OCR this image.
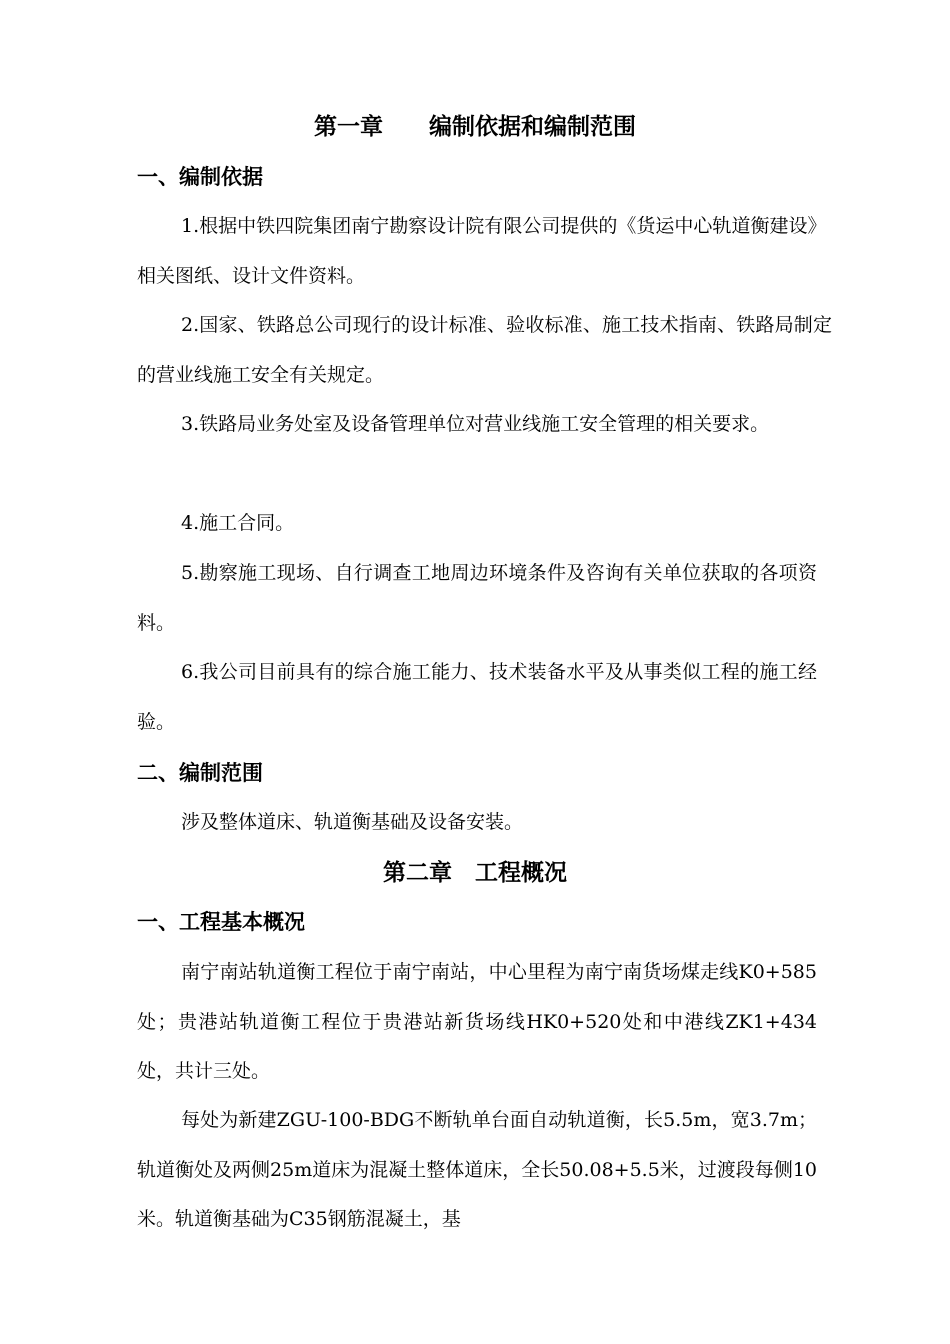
第一章　　编制依据和编制范围
一、编制依据

1.根据中铁四院集团南宁勘察设计院有限公司提供的《货运中心轨道衡建设》相关图纸、设计文件资料。

2.国家、铁路总公司现行的设计标准、验收标准、施工技术指南、铁路局制定的营业线施工安全有关规定。

3.铁路局业务处室及设备管理单位对营业线施工安全管理的相关要求。

4.施工合同。

5.勘察施工现场、自行调查工地周边环境条件及咨询有关单位获取的各项资料。

6.我公司目前具有的综合施工能力、技术装备水平及从事类似工程的施工经验。

二、编制范围

涉及整体道床、轨道衡基础及设备安装。

第二章　工程概况
一、工程基本概况

南宁南站轨道衡工程位于南宁南站，中心里程为南宁南货场煤走线K0+585处；贵港站轨道衡工程位于贵港站新货场线HK0+520处和中港线ZK1+434处，共计三处。

每处为新建ZGU-100-BDG不断轨单台面自动轨道衡，长5.5m，宽3.7m；轨道衡处及两侧25m道床为混凝土整体道床，全长50.08+5.5米，过渡段每侧10米。轨道衡基础为C35钢筋混凝土，基
